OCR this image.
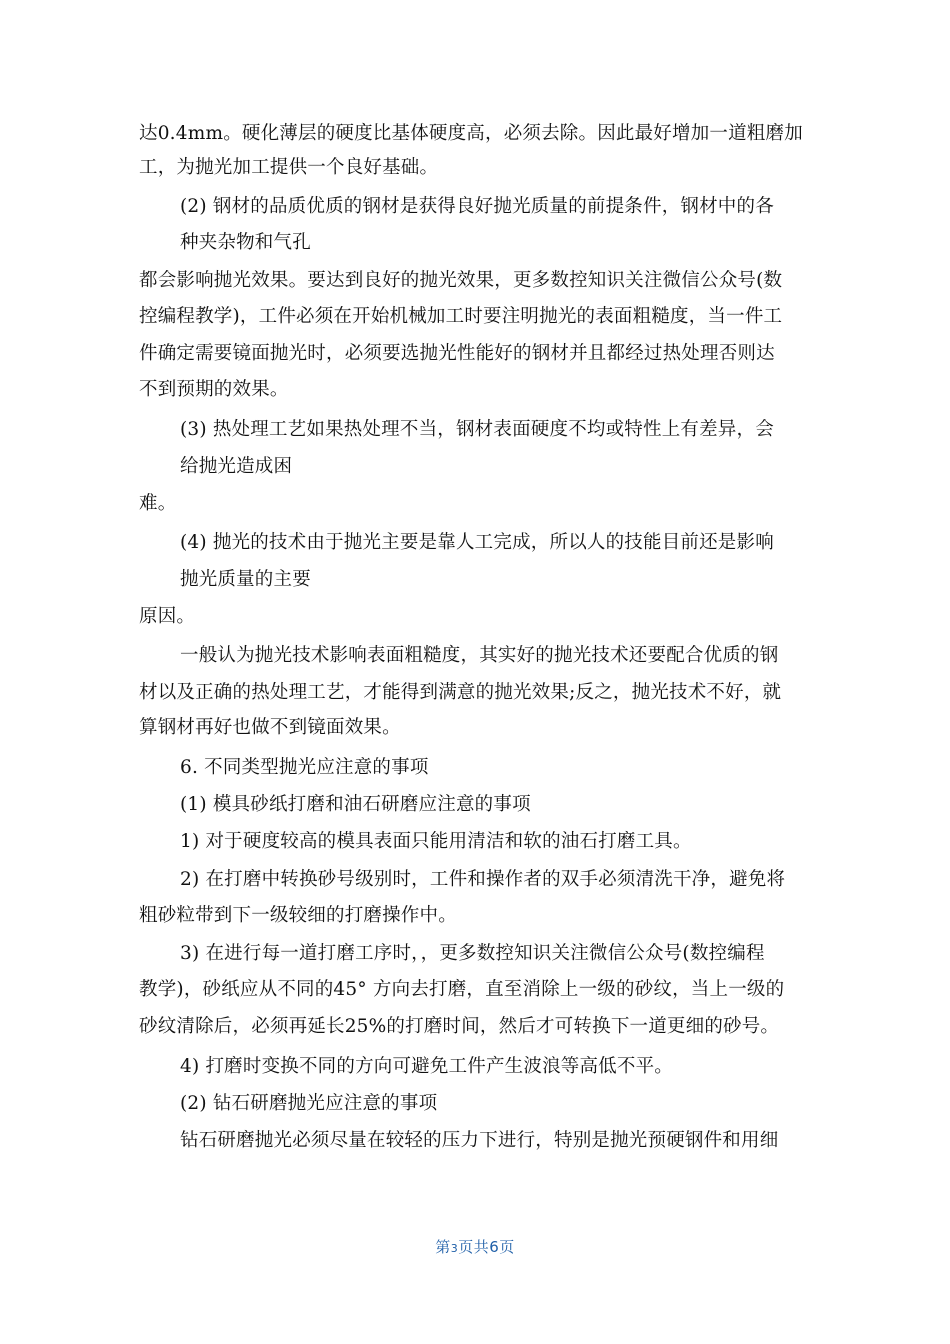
达0.4mm。硬化薄层的硬度比基体硬度高，必须去除。因此最好增加一道粗磨加
工，为抛光加工提供一个良好基础。
(2) 钢材的品质优质的钢材是获得良好抛光质量的前提条件，钢材中的各
种夹杂物和气孔
都会影响抛光效果。要达到良好的抛光效果，更多数控知识关注微信公众号(数
控编程教学)，工件必须在开始机械加工时要注明抛光的表面粗糙度，当一件工
件确定需要镜面抛光时，必须要选抛光性能好的钢材并且都经过热处理否则达
不到预期的效果。
(3) 热处理工艺如果热处理不当，钢材表面硬度不均或特性上有差异，会
给抛光造成困
难。
(4) 抛光的技术由于抛光主要是靠人工完成，所以人的技能目前还是影响
抛光质量的主要
原因。
一般认为抛光技术影响表面粗糙度，其实好的抛光技术还要配合优质的钢
材以及正确的热处理工艺，才能得到满意的抛光效果;反之，抛光技术不好，就
算钢材再好也做不到镜面效果。
6. 不同类型抛光应注意的事项
(1) 模具砂纸打磨和油石研磨应注意的事项
1) 对于硬度较高的模具表面只能用清洁和软的油石打磨工具。
2) 在打磨中转换砂号级别时，工件和操作者的双手必须清洗干净，避免将
粗砂粒带到下一级较细的打磨操作中。
3) 在进行每一道打磨工序时，，更多数控知识关注微信公众号(数控编程
教学)，砂纸应从不同的45° 方向去打磨，直至消除上一级的砂纹，当上一级的
砂纹清除后，必须再延长25%的打磨时间，然后才可转换下一道更细的砂号。
4) 打磨时变换不同的方向可避免工件产生波浪等高低不平。
(2) 钻石研磨抛光应注意的事项
钻石研磨抛光必须尽量在较轻的压力下进行，特别是抛光预硬钢件和用细
第3页共6页
